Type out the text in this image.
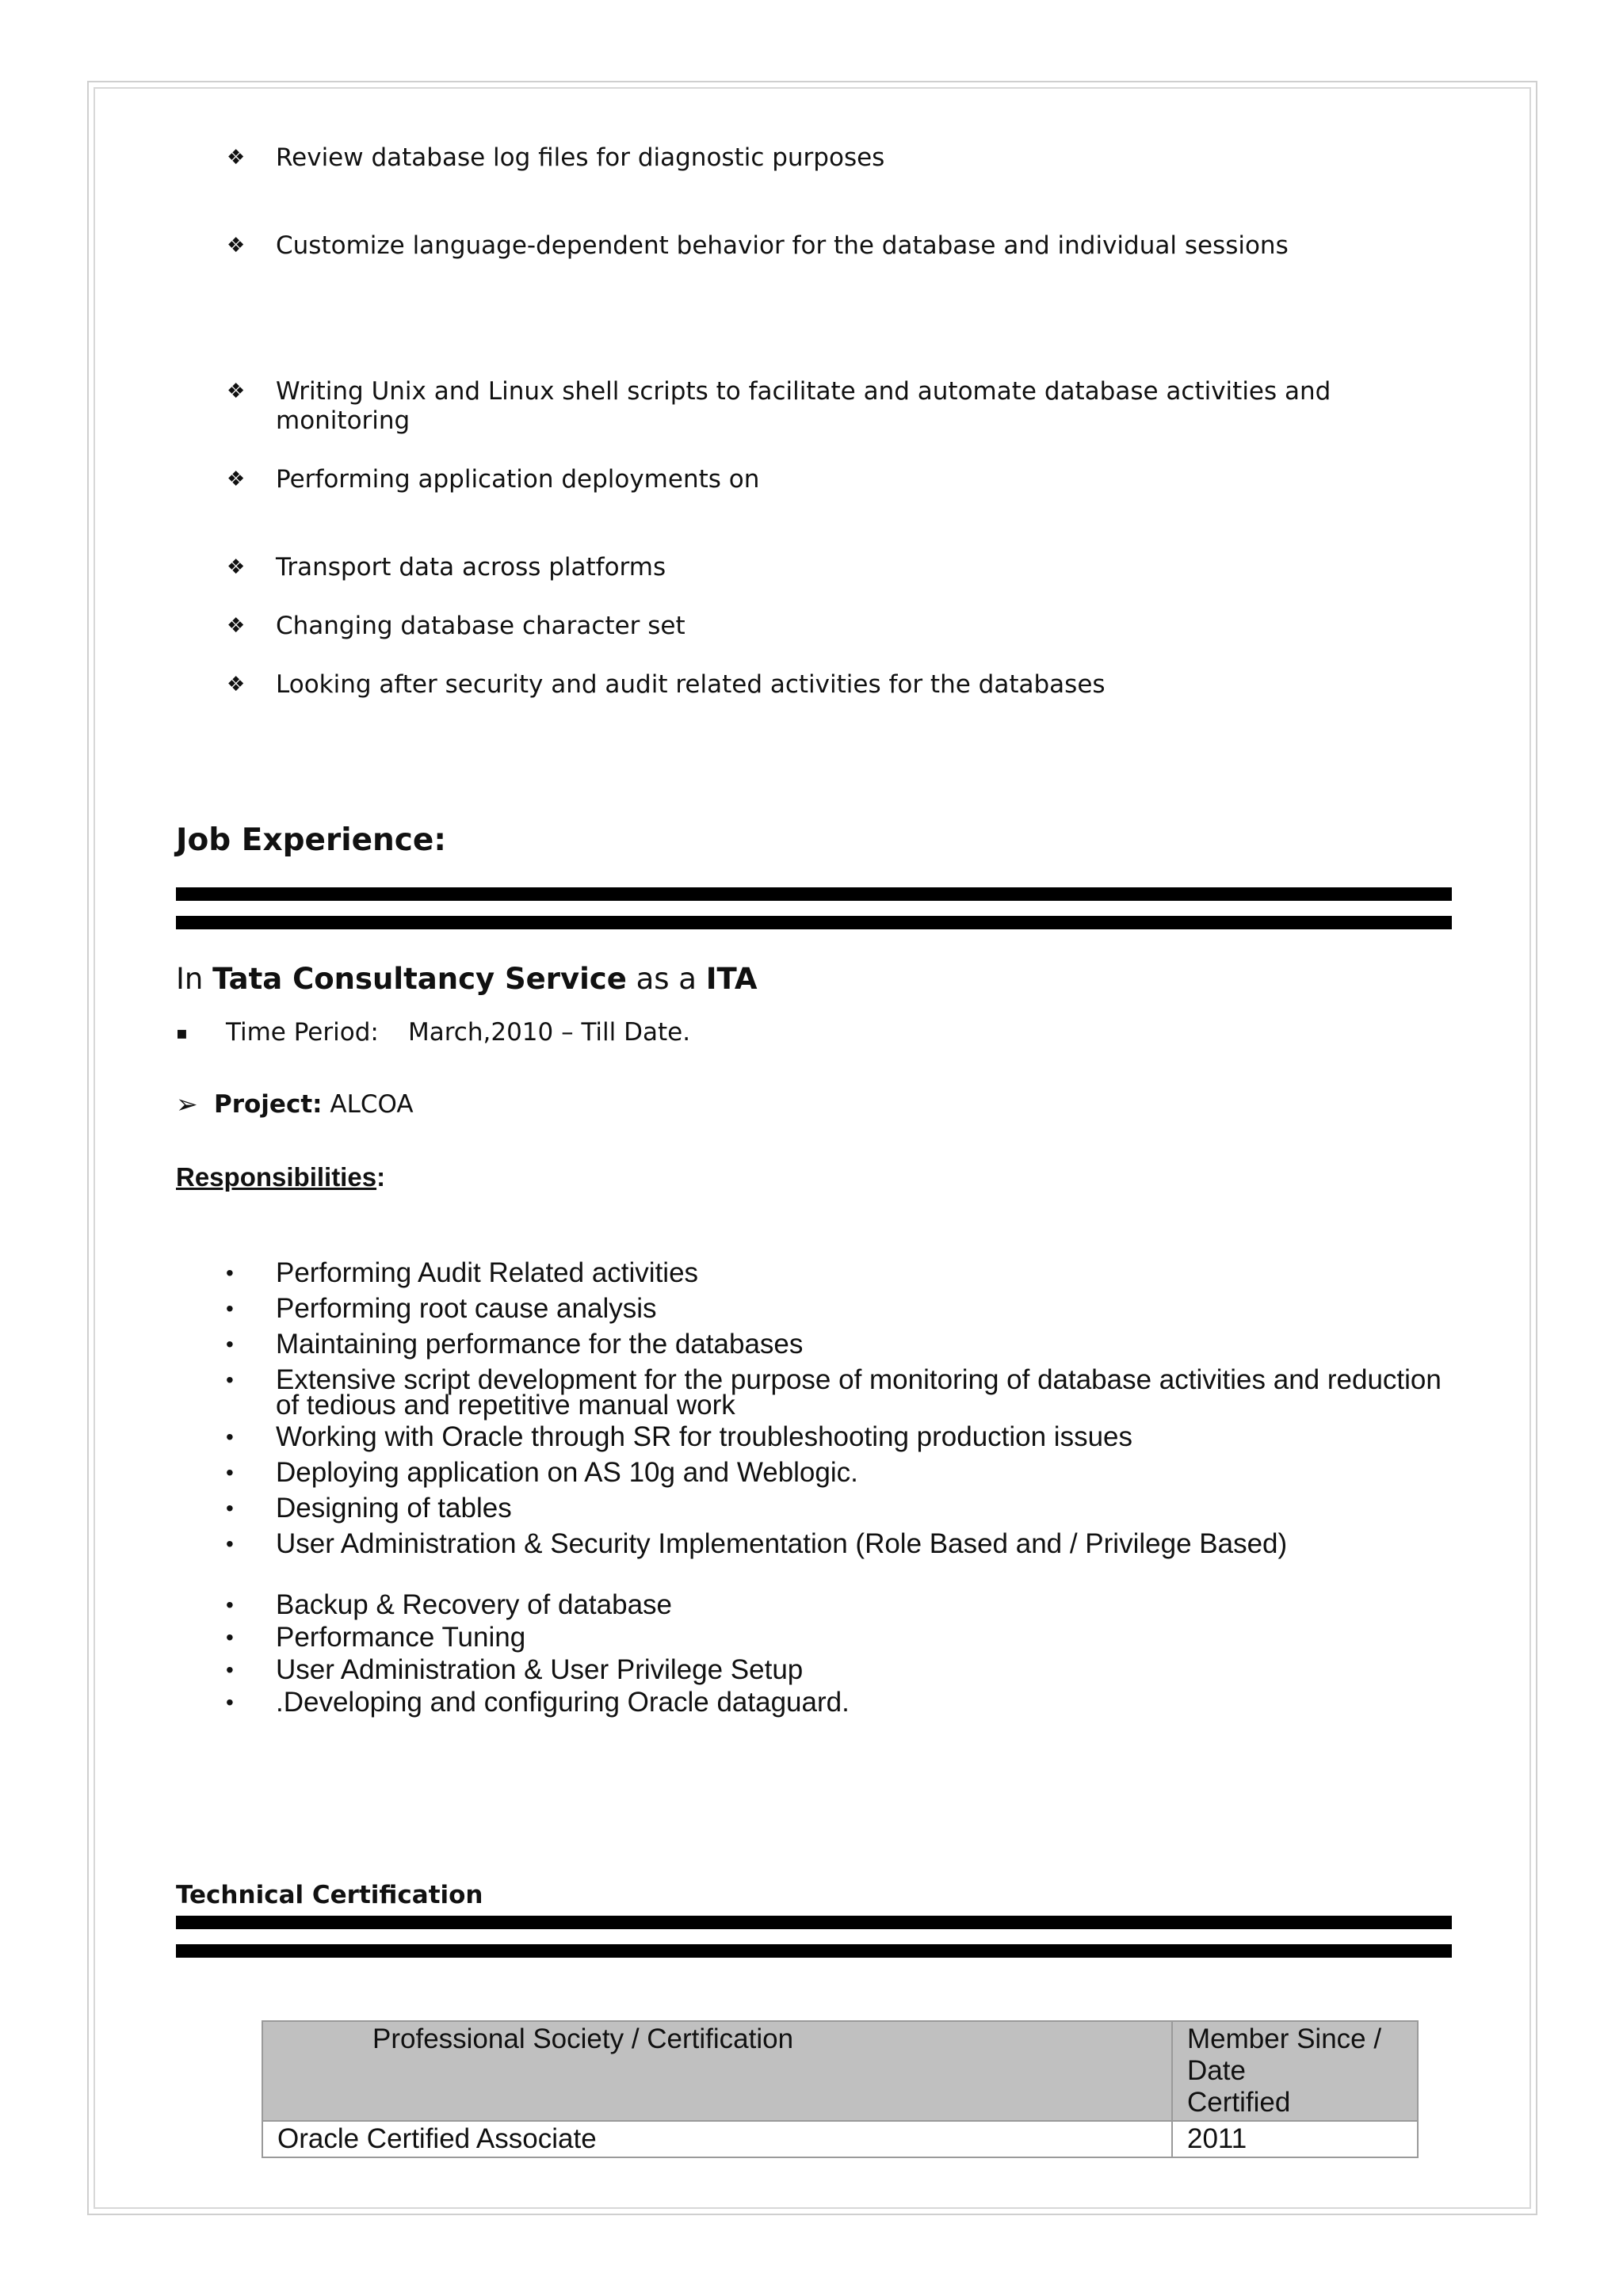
❖ Review database log files for diagnostic purposes
❖ Customize language-dependent behavior for the database and individual sessions
❖ Writing Unix and Linux shell scripts to facilitate and automate database activities and
monitoring
❖ Performing application deployments on
❖ Transport data across platforms
❖ Changing database character set
❖ Looking after security and audit related activities for the databases
Job Experience:
In Tata Consultancy Service as a ITA
▪ Time Period: March,2010 – Till Date.
➢ Project: ALCOA
Responsibilities:
• Performing Audit Related activities
• Performing root cause analysis
• Maintaining performance for the databases
• Extensive script development for the purpose of monitoring of database activities and reduction
of tedious and repetitive manual work
• Working with Oracle through SR for troubleshooting production issues
• Deploying application on AS 10g and Weblogic.
• Designing of tables
• User Administration & Security Implementation (Role Based and / Privilege Based)
• Backup & Recovery of database
• Performance Tuning
• User Administration & User Privilege Setup
• .Developing and configuring Oracle dataguard.
Technical Certification
Professional Society / Certification	Member Since / Date
Certified
Oracle Certified Associate	2011
